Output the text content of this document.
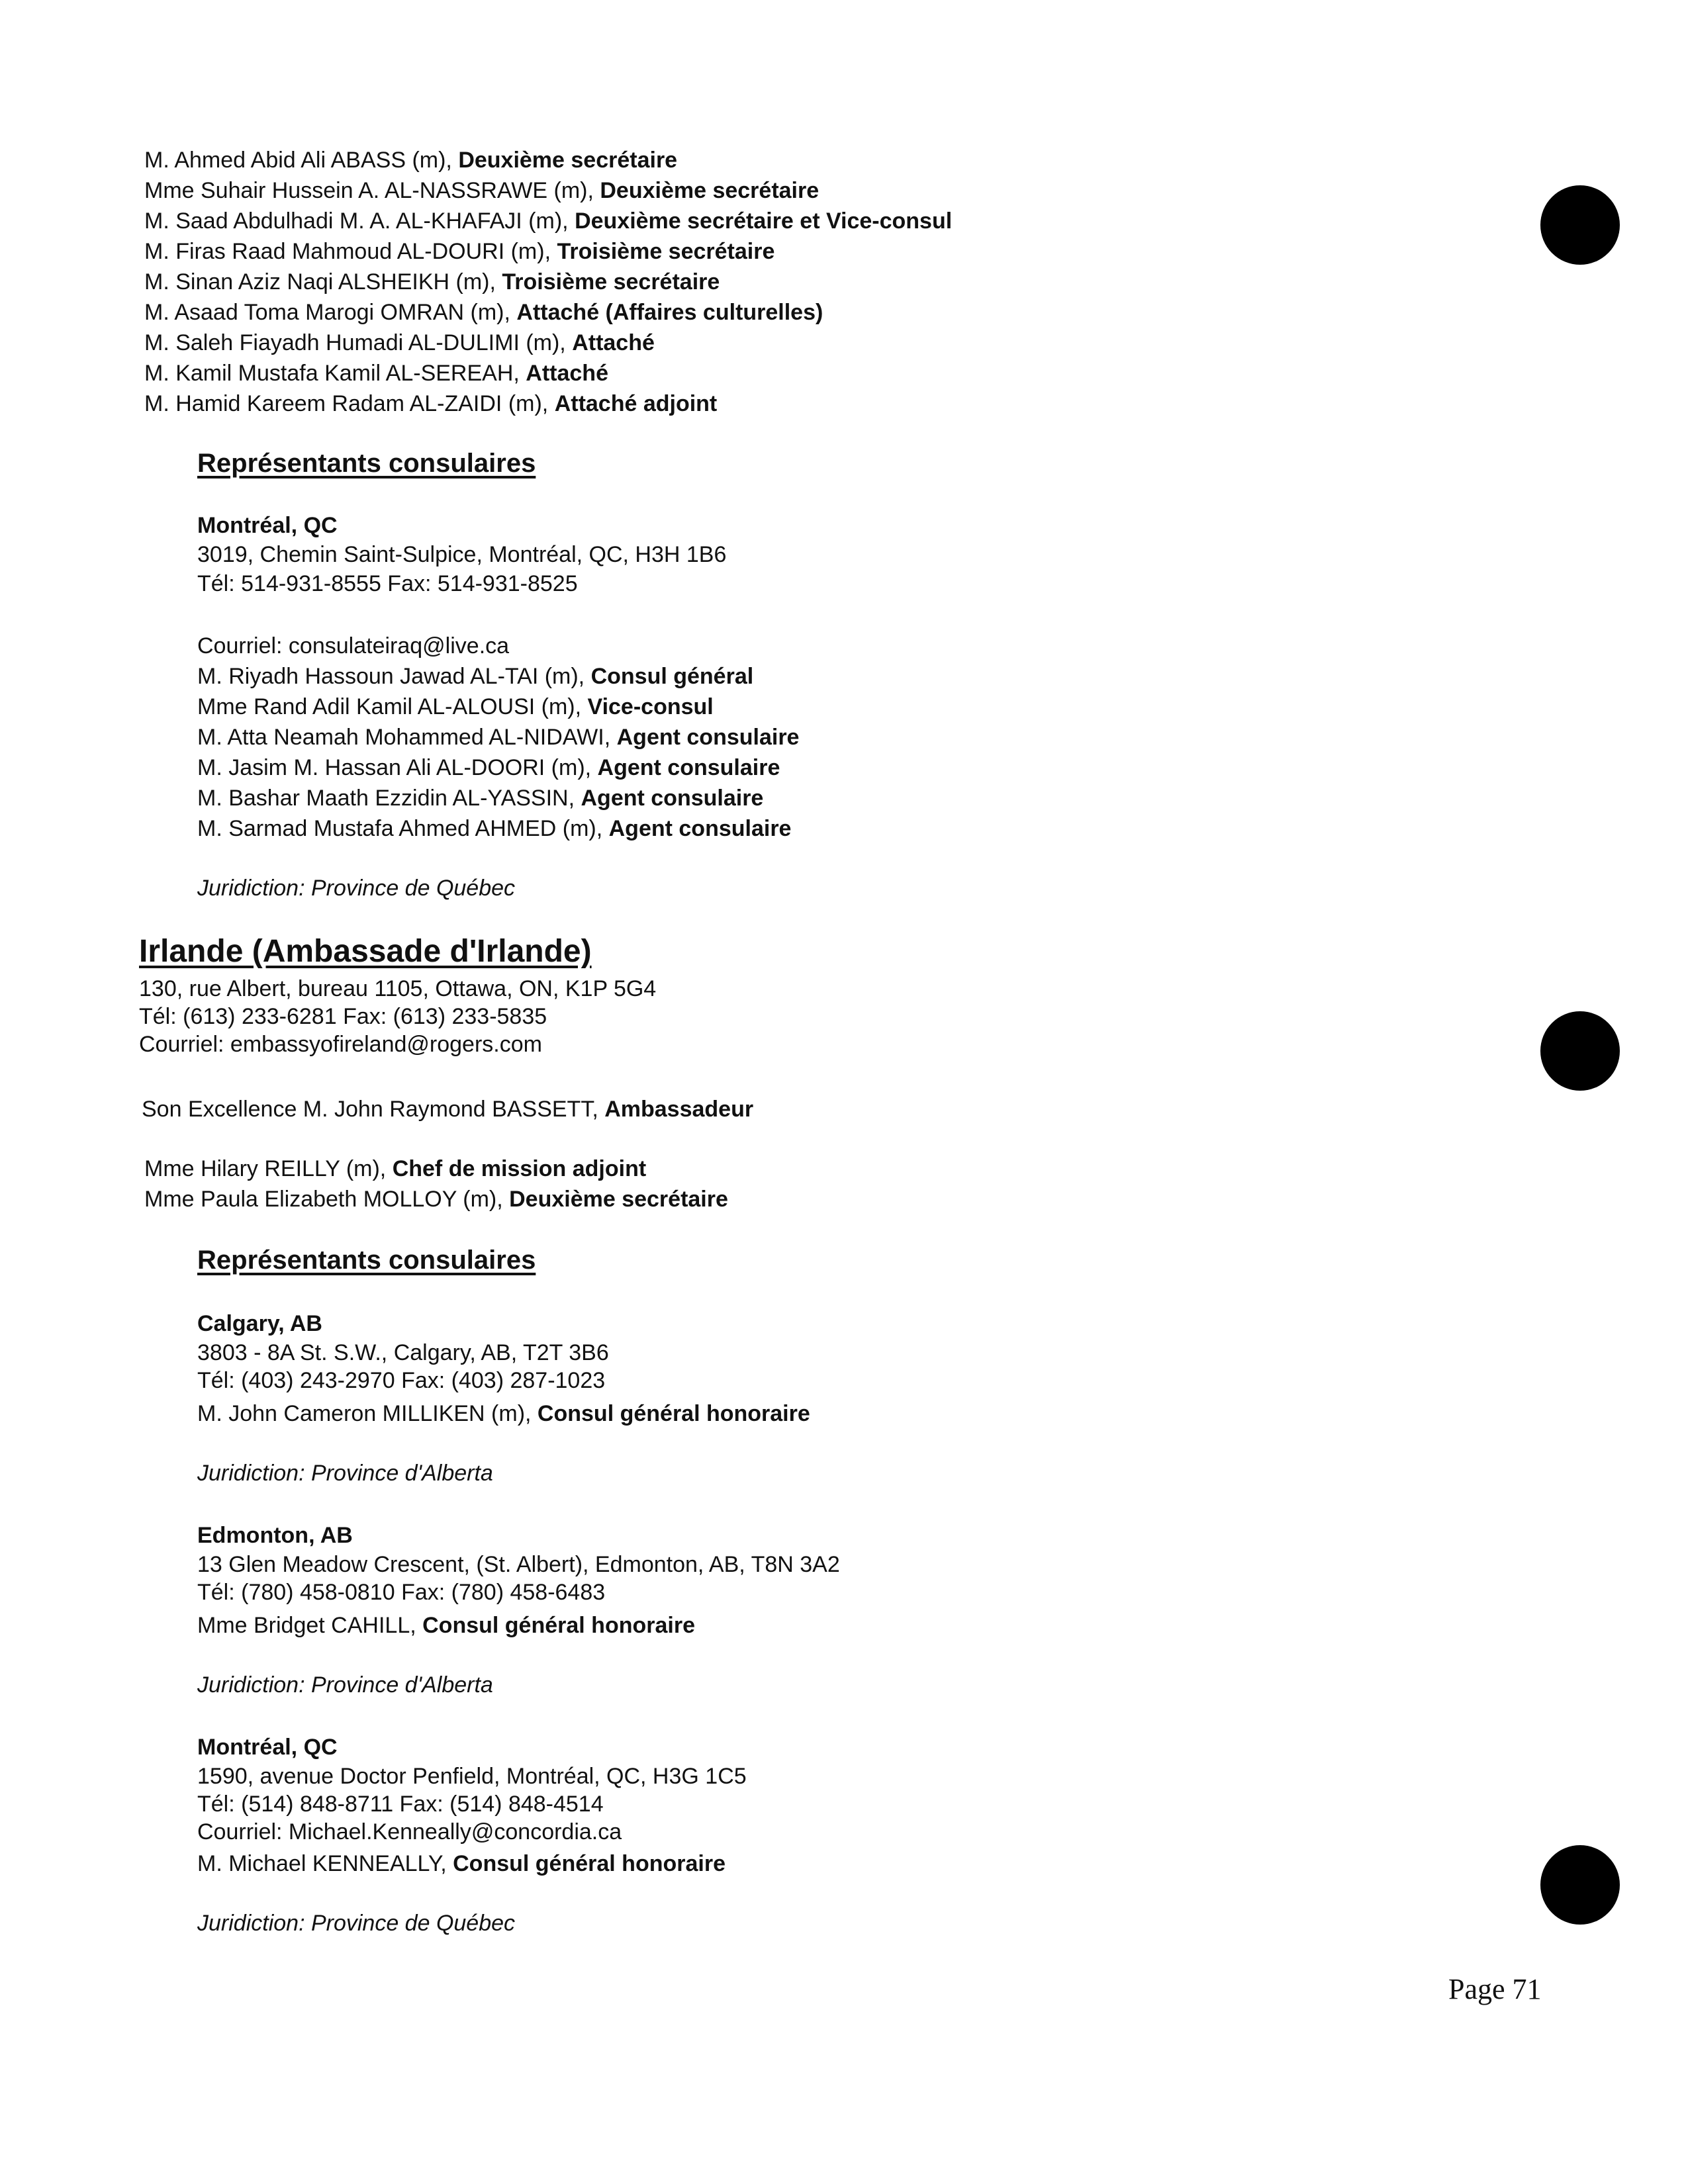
M. Ahmed Abid Ali ABASS (m), Deuxième secrétaire
Mme Suhair Hussein A. AL-NASSRAWE (m), Deuxième secrétaire
M. Saad Abdulhadi M. A. AL-KHAFAJI (m), Deuxième secrétaire et Vice-consul
M. Firas Raad Mahmoud AL-DOURI (m), Troisième secrétaire
M. Sinan Aziz Naqi ALSHEIKH (m), Troisième secrétaire
M. Asaad Toma Marogi OMRAN (m), Attaché (Affaires culturelles)
M. Saleh Fiayadh Humadi AL-DULIMI (m), Attaché
M. Kamil Mustafa Kamil AL-SEREAH, Attaché
M. Hamid Kareem Radam AL-ZAIDI (m), Attaché adjoint
Représentants consulaires
Montréal, QC
3019, Chemin Saint-Sulpice, Montréal, QC, H3H 1B6
Tél: 514-931-8555 Fax: 514-931-8525
Courriel: consulateiraq@live.ca
M. Riyadh Hassoun Jawad AL-TAI (m), Consul général
Mme Rand Adil Kamil AL-ALOUSI (m), Vice-consul
M. Atta Neamah Mohammed AL-NIDAWI, Agent consulaire
M. Jasim M. Hassan Ali AL-DOORI (m), Agent consulaire
M. Bashar Maath Ezzidin AL-YASSIN, Agent consulaire
M. Sarmad Mustafa Ahmed AHMED (m), Agent consulaire
Juridiction: Province de Québec
Irlande (Ambassade d'Irlande)
130, rue Albert, bureau 1105, Ottawa, ON, K1P 5G4
Tél: (613) 233-6281 Fax: (613) 233-5835
Courriel: embassyofireland@rogers.com
Son Excellence M. John Raymond BASSETT, Ambassadeur
Mme Hilary REILLY (m), Chef de mission adjoint
Mme Paula Elizabeth MOLLOY (m), Deuxième secrétaire
Représentants consulaires
Calgary, AB
3803 - 8A St. S.W., Calgary, AB, T2T 3B6
Tél: (403) 243-2970 Fax: (403) 287-1023
M. John Cameron MILLIKEN (m), Consul général honoraire
Juridiction: Province d'Alberta
Edmonton, AB
13 Glen Meadow Crescent, (St. Albert), Edmonton, AB, T8N 3A2
Tél: (780) 458-0810 Fax: (780) 458-6483
Mme Bridget CAHILL, Consul général honoraire
Juridiction: Province d'Alberta
Montréal, QC
1590, avenue Doctor Penfield, Montréal, QC, H3G 1C5
Tél: (514) 848-8711 Fax: (514) 848-4514
Courriel: Michael.Kenneally@concordia.ca
M. Michael KENNEALLY, Consul général honoraire
Juridiction: Province de Québec
Page 71
